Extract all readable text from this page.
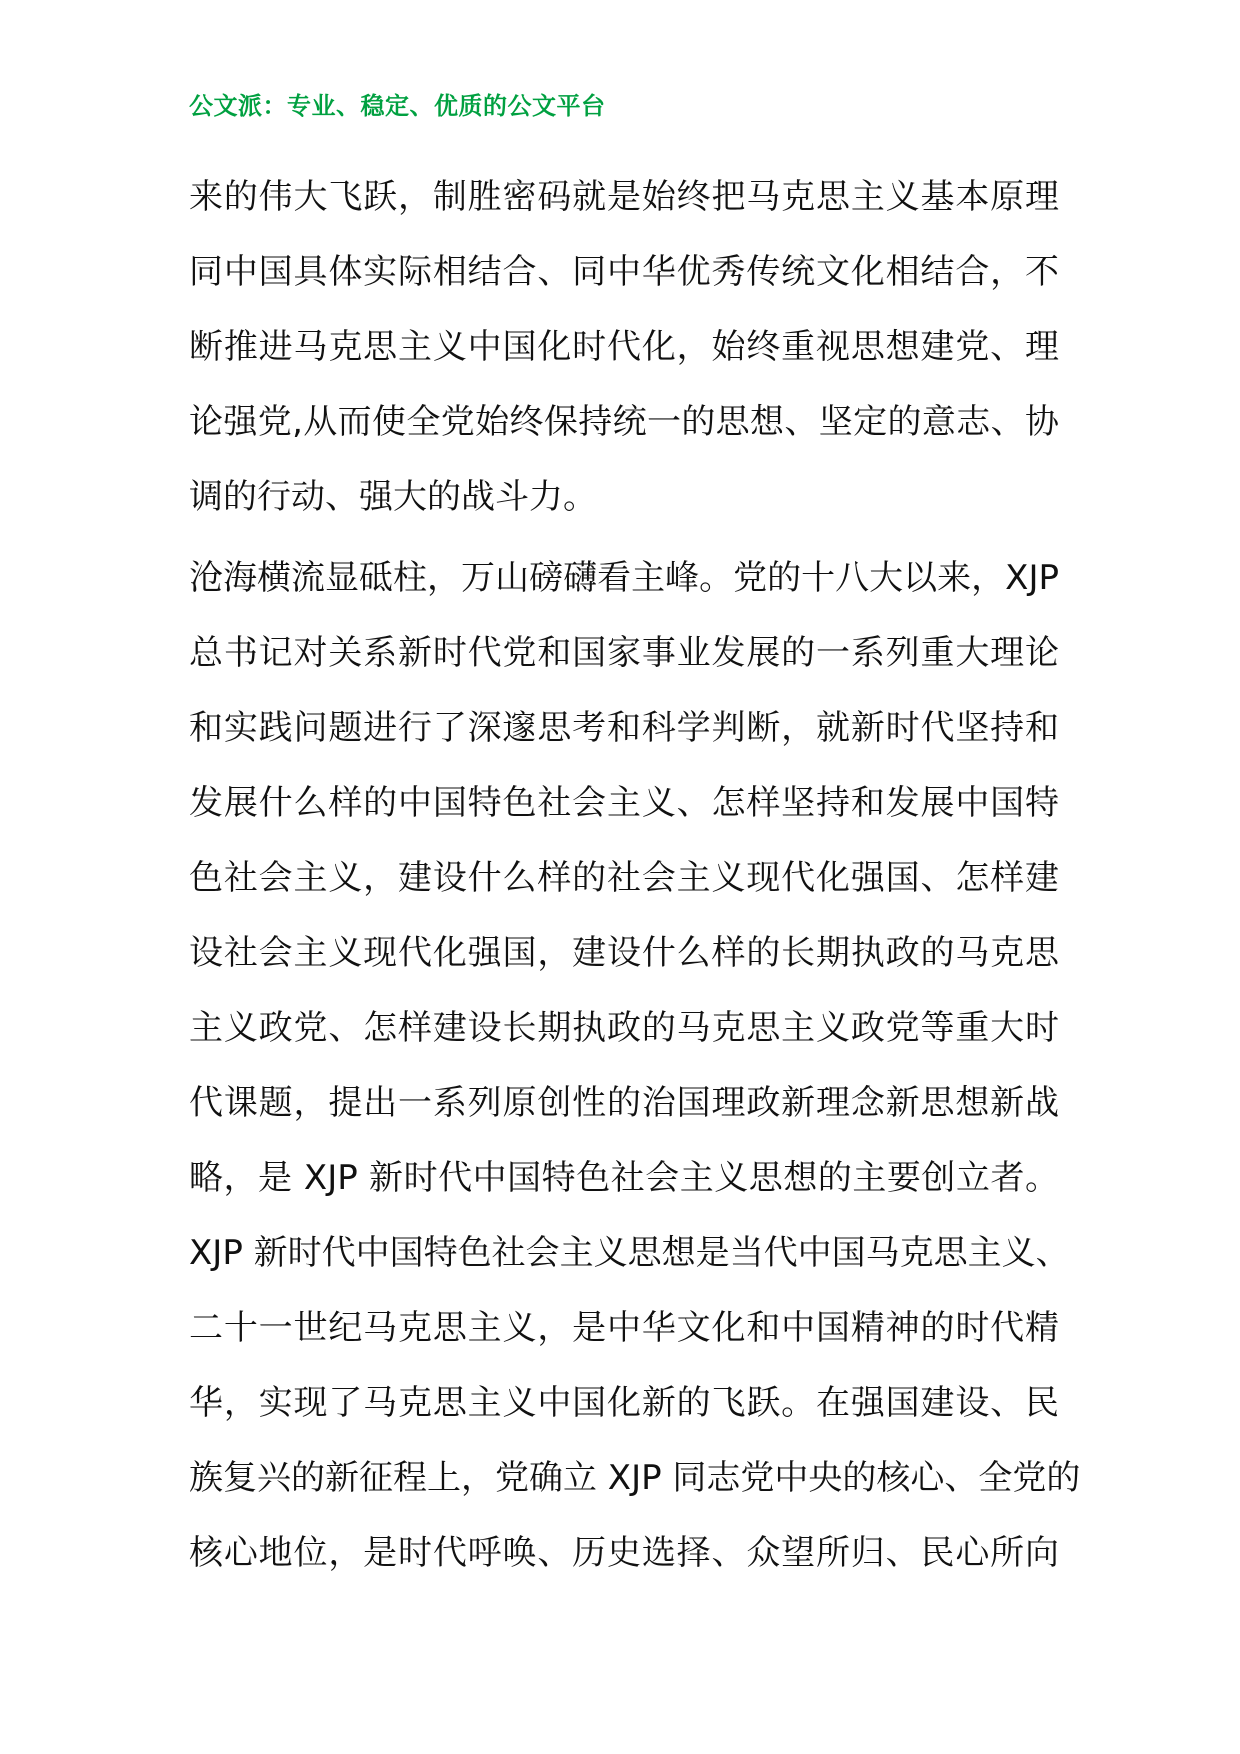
公文派：专业、稳定、优质的公文平台

来的伟大飞跃，制胜密码就是始终把马克思主义基本原理
同中国具体实际相结合、同中华优秀传统文化相结合，不
断推进马克思主义中国化时代化，始终重视思想建党、理
论强党,从而使全党始终保持统一的思想、坚定的意志、协
调的行动、强大的战斗力。

沧海横流显砥柱，万山磅礴看主峰。党的十八大以来，XJP
总书记对关系新时代党和国家事业发展的一系列重大理论
和实践问题进行了深邃思考和科学判断，就新时代坚持和
发展什么样的中国特色社会主义、怎样坚持和发展中国特
色社会主义，建设什么样的社会主义现代化强国、怎样建
设社会主义现代化强国，建设什么样的长期执政的马克思
主义政党、怎样建设长期执政的马克思主义政党等重大时
代课题，提出一系列原创性的治国理政新理念新思想新战
略，是 XJP 新时代中国特色社会主义思想的主要创立者。
XJP 新时代中国特色社会主义思想是当代中国马克思主义、
二十一世纪马克思主义，是中华文化和中国精神的时代精
华，实现了马克思主义中国化新的飞跃。在强国建设、民
族复兴的新征程上，党确立 XJP 同志党中央的核心、全党的
核心地位，是时代呼唤、历史选择、众望所归、民心所向
